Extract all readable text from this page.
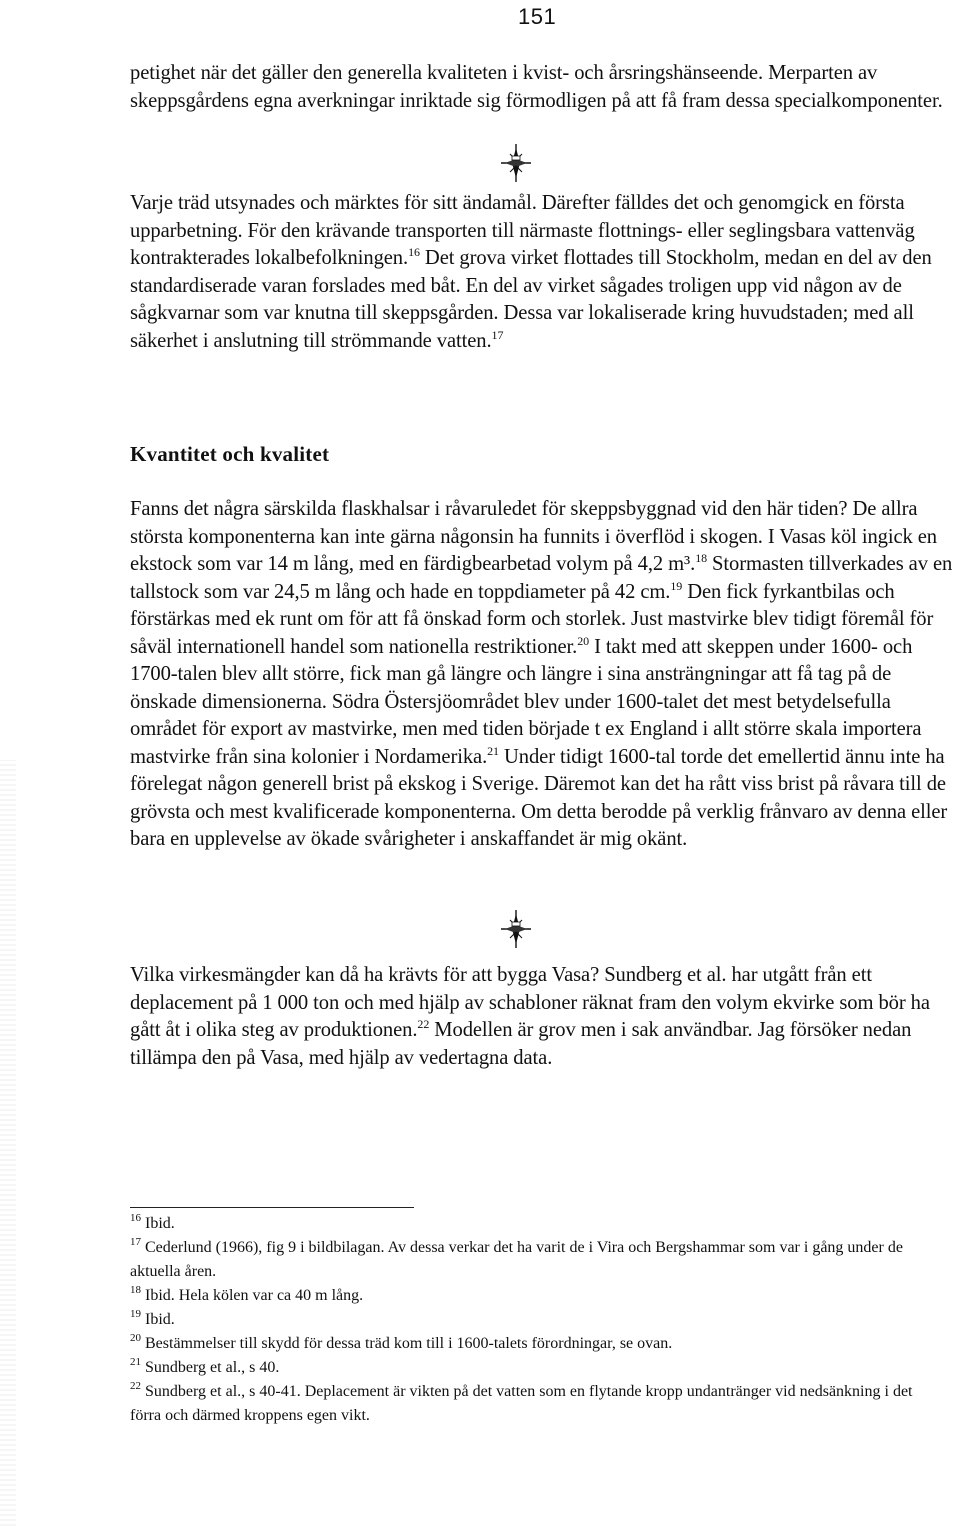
151

petighet när det gäller den generella kvaliteten i kvist- och årsringshänseende. Merparten av skeppsgårdens egna averkningar inriktade sig förmodligen på att få fram dessa specialkomponenter.

Varje träd utsynades och märktes för sitt ändamål. Därefter fälldes det och genomgick en första upparbetning. För den krävande transporten till närmaste flottnings- eller seglingsbara vattenväg kontrakterades lokalbefolkningen.$^{16}$ Det grova virket flottades till Stockholm, medan en del av den standardiserade varan forslades med båt. En del av virket sågades troligen upp vid någon av de sågkvarnar som var knutna till skeppsgården. Dessa var lokaliserade kring huvudstaden; med all säkerhet i anslutning till strömmande vatten.$^{17}$

Kvantitet och kvalitet

Fanns det några särskilda flaskhalsar i råvaruledet för skeppsbyggnad vid den här tiden? De allra största komponenterna kan inte gärna någonsin ha funnits i överflöd i skogen. I Vasas köl ingick en ekstock som var 14 m lång, med en färdigbearbetad volym på 4,2 m³.$^{18}$ Stormasten tillverkades av en tallstock som var 24,5 m lång och hade en toppdiameter på 42 cm.$^{19}$ Den fick fyrkantbilas och förstärkas med ek runt om för att få önskad form och storlek. Just mastvirke blev tidigt föremål för såväl internationell handel som nationella restriktioner.$^{20}$ I takt med att skeppen under 1600- och 1700-talen blev allt större, fick man gå längre och längre i sina ansträngningar att få tag på de önskade dimensionerna. Södra Östersjöområdet blev under 1600-talet det mest betydelsefulla området för export av mastvirke, men med tiden började t ex England i allt större skala importera mastvirke från sina kolonier i Nordamerika.$^{21}$ Under tidigt 1600-tal torde det emellertid ännu inte ha förelegat någon generell brist på ekskog i Sverige. Däremot kan det ha rått viss brist på råvara till de grövsta och mest kvalificerade komponenterna. Om detta berodde på verklig frånvaro av denna eller bara en upplevelse av ökade svårigheter i anskaffandet är mig okänt.

Vilka virkesmängder kan då ha krävts för att bygga Vasa? Sundberg et al. har utgått från ett deplacement på 1 000 ton och med hjälp av schabloner räknat fram den volym ekvirke som bör ha gått åt i olika steg av produktionen.$^{22}$ Modellen är grov men i sak användbar. Jag försöker nedan tillämpa den på Vasa, med hjälp av vedertagna data.

$^{16}$ Ibid.

$^{17}$ Cederlund (1966), fig 9 i bildbilagan. Av dessa verkar det ha varit de i Vira och Bergshammar som var i gång under de aktuella åren.

$^{18}$ Ibid. Hela kölen var ca 40 m lång.

$^{19}$ Ibid.

$^{20}$ Bestämmelser till skydd för dessa träd kom till i 1600-talets förordningar, se ovan.

$^{21}$ Sundberg et al., s 40.

$^{22}$ Sundberg et al., s 40-41. Deplacement är vikten på det vatten som en flytande kropp undantränger vid nedsänkning i det förra och därmed kroppens egen vikt.
